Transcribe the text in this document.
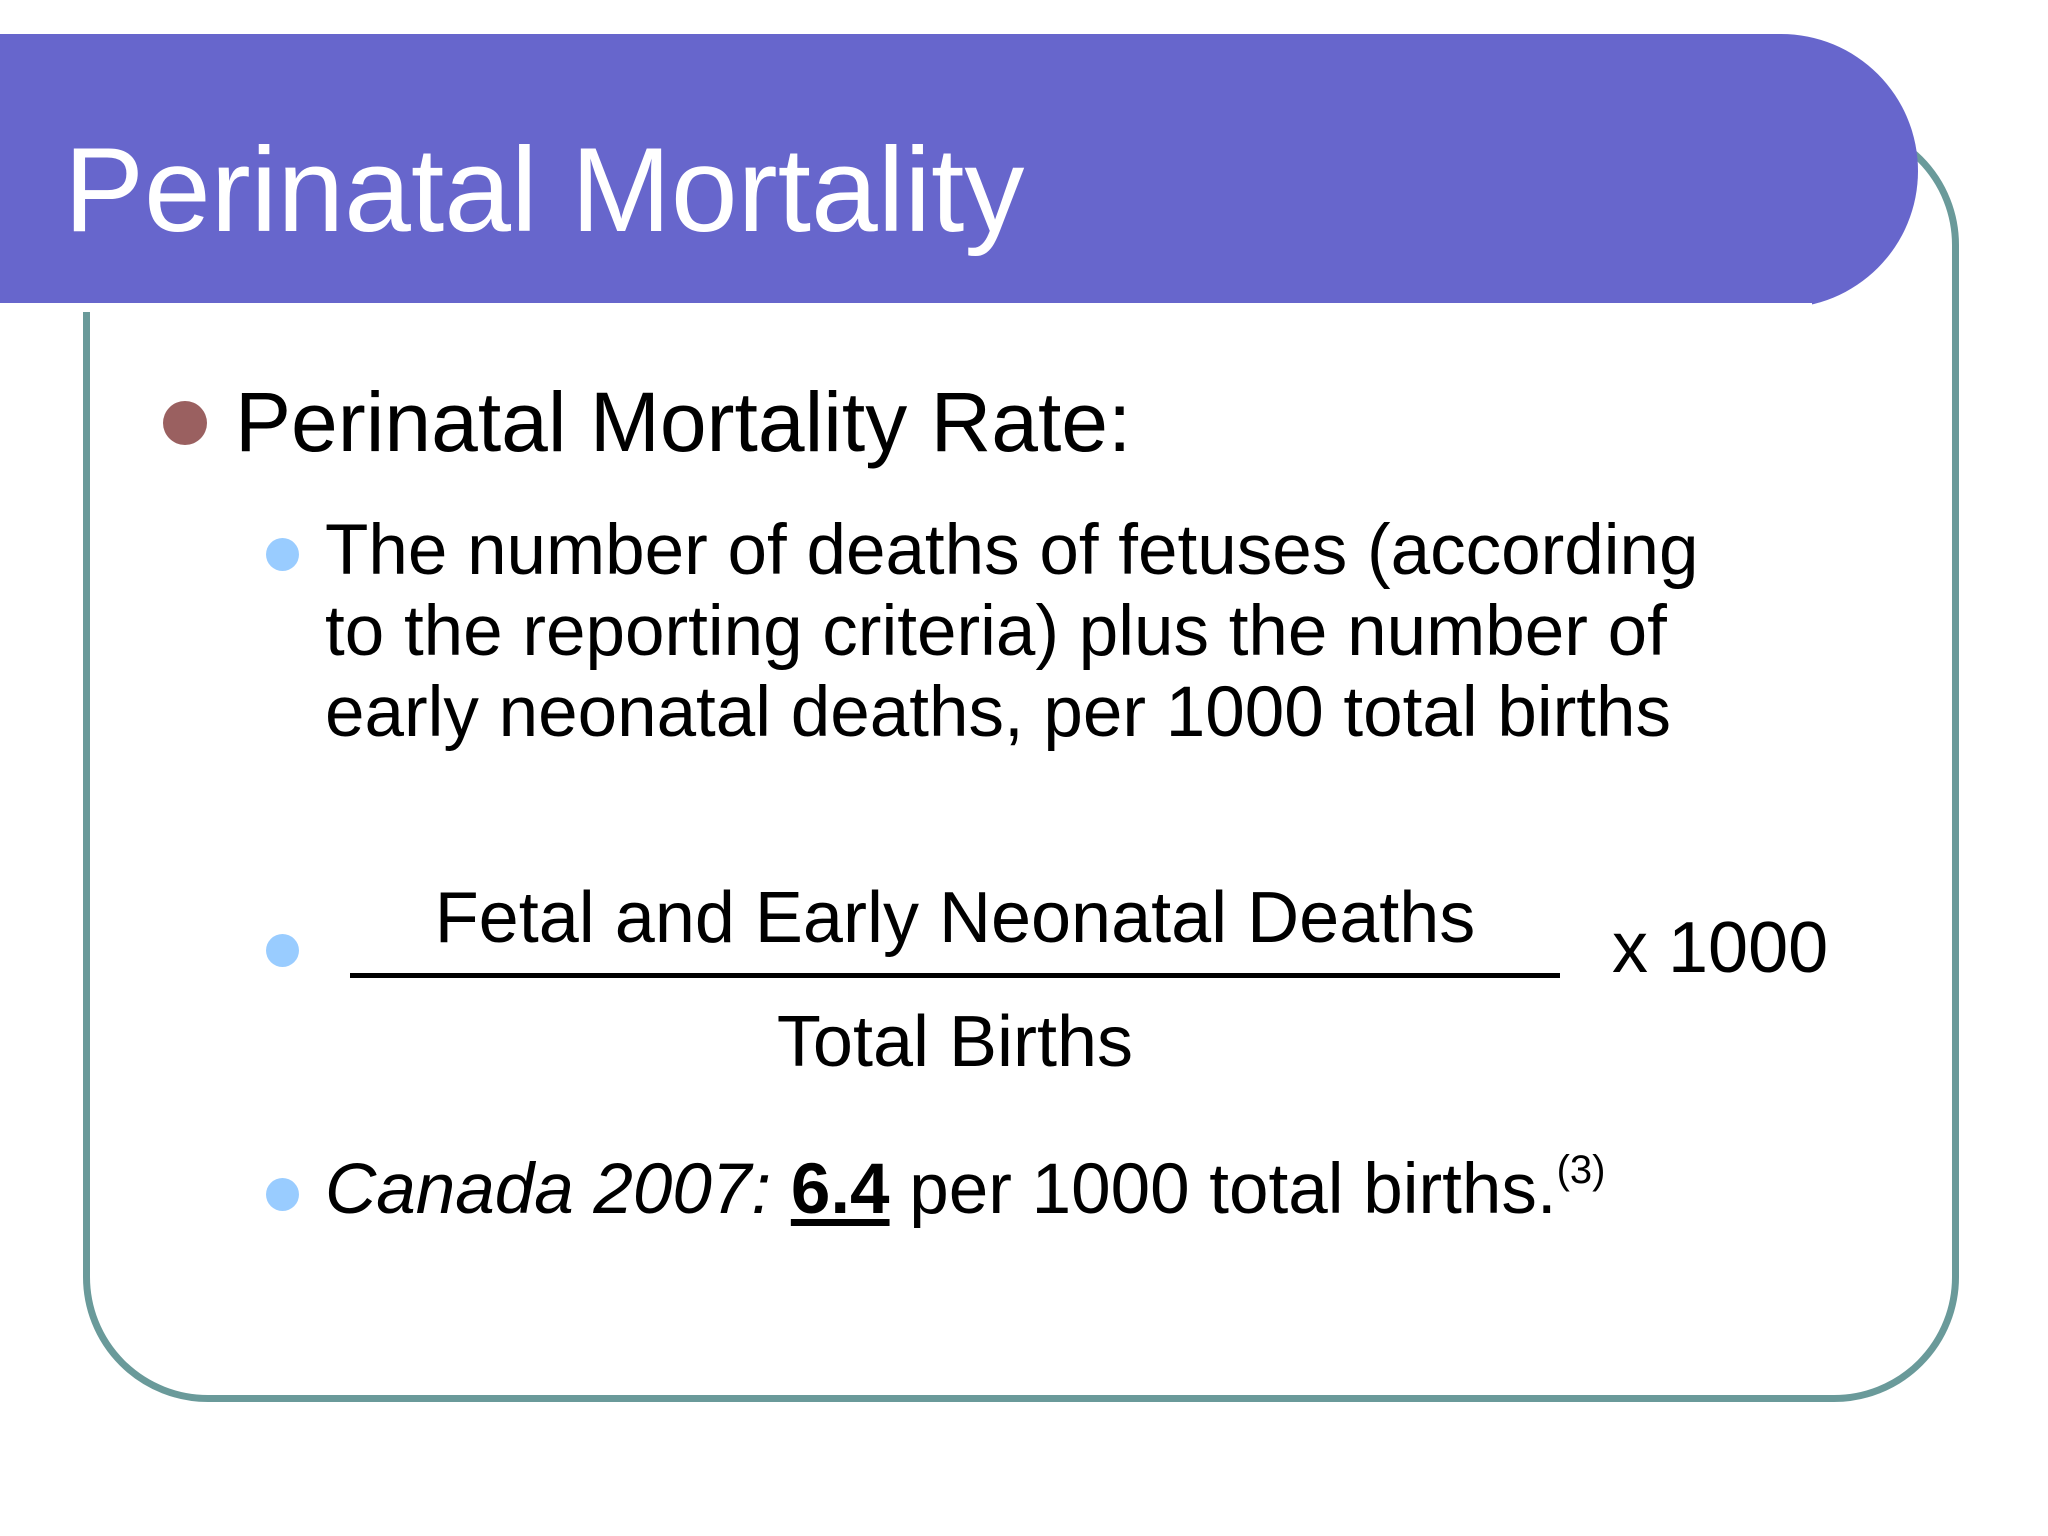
Perinatal Mortality
Perinatal Mortality Rate:

The number of deaths of fetuses (according
to the reporting criteria) plus the number of
early neonatal deaths, per 1000 total births

Fetal and Early Neonatal Deaths
Total Births
x 1000
Canada 2007: 6.4 per 1000 total births.$^{(3)}$
